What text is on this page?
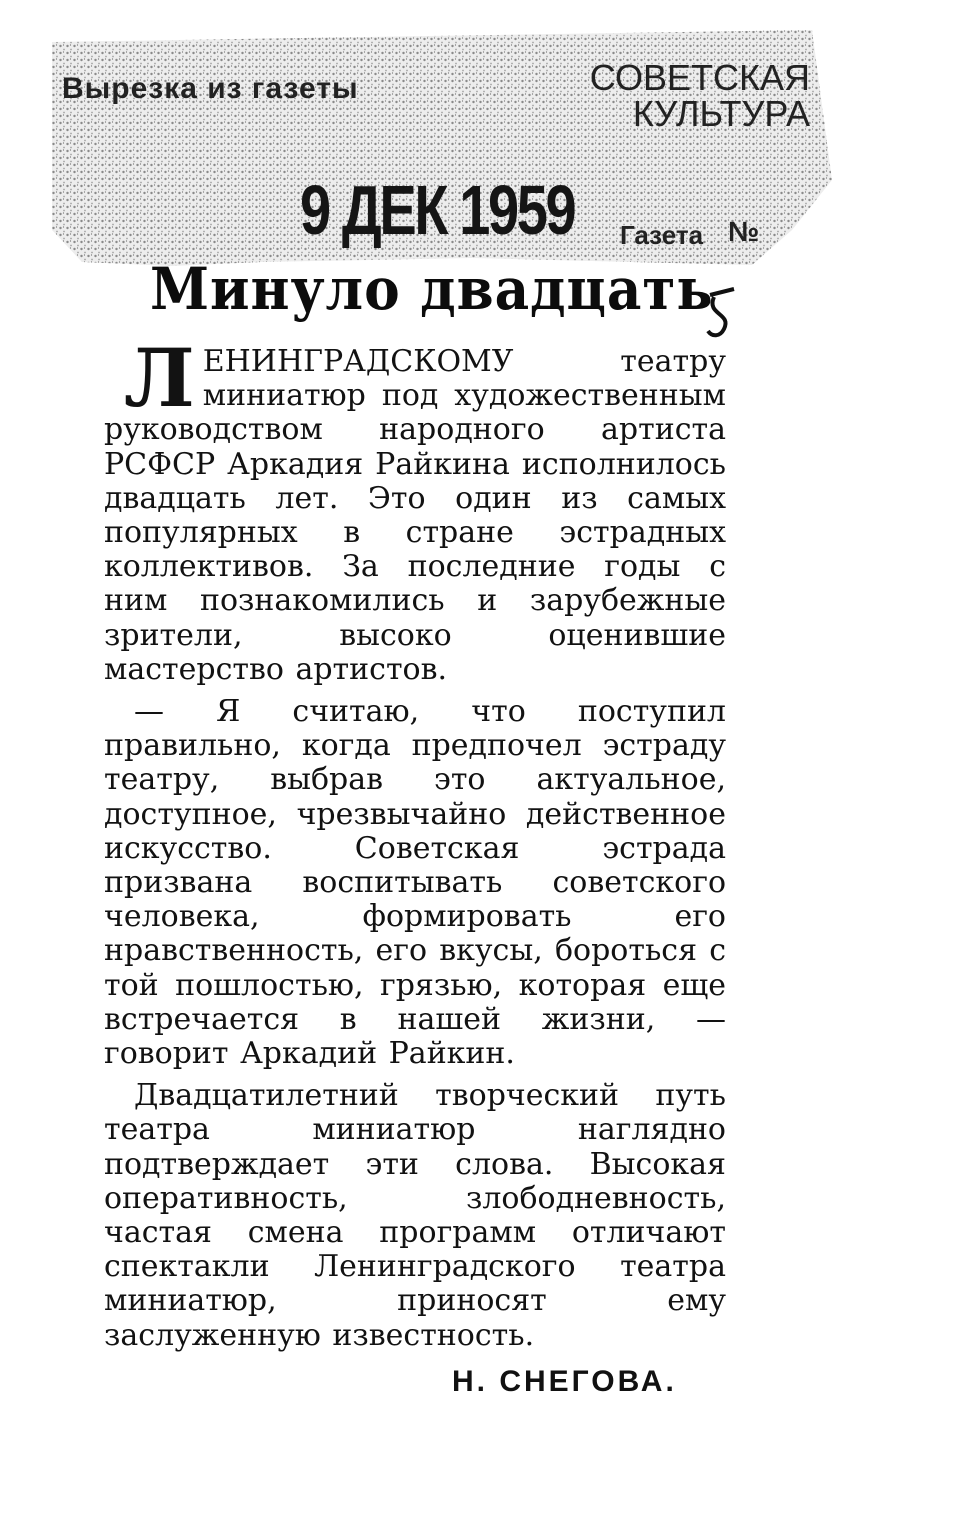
Вырезка из газеты	СОВЕТСКАЯ
КУЛЬТУРА
9 ДЕК 1959 Газета №
Минуло двадцать

ЛЕНИНГРАДСКОМУ театру миниатюр под художественным руководством народного артиста РСФСР Аркадия Райкина исполнилось двадцать лет. Это один из самых популярных в стране эстрадных коллективов. За последние годы с ним познакомились и зарубежные зрители, высоко оценившие мастерство артистов.

— Я считаю, что поступил правильно, когда предпочел эстраду театру, выбрав это актуальное, доступное, чрезвычайно действенное искусство. Советская эстрада призвана воспитывать советского человека, формировать его нравственность, его вкусы, бороться с той пошлостью, грязью, которая еще встречается в нашей жизни, — говорит Аркадий Райкин.

Двадцатилетний творческий путь театра миниатюр наглядно подтверждает эти слова. Высокая оперативность, злободневность, частая смена программ отличают спектакли Ленинградского театра миниатюр, приносят ему заслуженную известность.

Н. СНЕГОВА.
